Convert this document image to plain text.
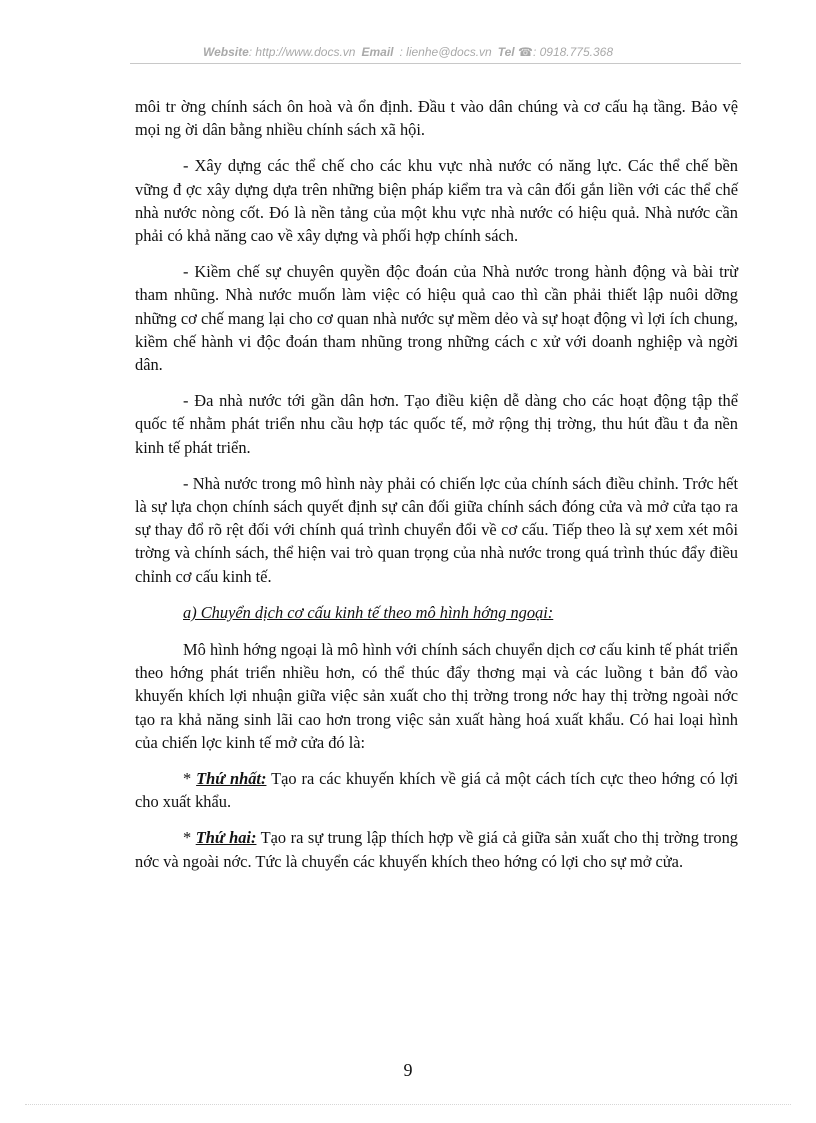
Website: http://www.docs.vn Email : lienhe@docs.vn Tel ☎: 0918.775.368

môi tr ờng chính sách ôn hoà và ổn định. Đầu t vào dân chúng và cơ cấu hạ tầng. Bảo vệ mọi ng ời dân bằng nhiều chính sách xã hội.

- Xây dựng các thể chế cho các khu vực nhà nước có năng lực. Các thể chế bền vững đ ợc xây dựng dựa trên những biện pháp kiểm tra và cân đối gắn liền với các thể chế nhà nước nòng cốt. Đó là nền tảng của một khu vực nhà nước có hiệu quả. Nhà nước cần phải có khả năng cao về xây dựng và phối hợp chính sách.

- Kiềm chế sự chuyên quyền độc đoán của Nhà nước trong hành động và bài trừ tham nhũng. Nhà nước muốn làm việc có hiệu quả cao thì cần phải thiết lập nuôi dỡng những cơ chế mang lại cho cơ quan nhà nước sự mềm dẻo và sự hoạt động vì lợi ích chung, kiềm chế hành vi độc đoán tham nhũng trong những cách c xử với doanh nghiệp và ngời dân.

- Đa nhà nước tới gần dân hơn. Tạo điều kiện dễ dàng cho các hoạt động tập thể quốc tế nhằm phát triển nhu cầu hợp tác quốc tế, mở rộng thị trờng, thu hút đầu t đa nền kinh tế phát triển.

- Nhà nước trong mô hình này phải có chiến lợc của chính sách điều chỉnh. Trớc hết là sự lựa chọn chính sách quyết định sự cân đối giữa chính sách đóng cửa và mở cửa tạo ra sự thay đổ rõ rệt đối với chính quá trình chuyển đổi về cơ cấu. Tiếp theo là sự xem xét môi trờng và chính sách, thể hiện vai trò quan trọng của nhà nước trong quá trình thúc đẩy điều chỉnh cơ cấu kinh tế.

a) Chuyển dịch cơ cấu kinh tế theo mô hình hớng ngoại:

Mô hình hớng ngoại là mô hình với chính sách chuyển dịch cơ cấu kinh tế phát triển theo hớng phát triển nhiều hơn, có thể thúc đẩy thơng mại và các luồng t bản đổ vào khuyến khích lợi nhuận giữa việc sản xuất cho thị trờng trong nớc hay thị trờng ngoài nớc tạo ra khả năng sinh lãi cao hơn trong việc sản xuất hàng hoá xuất khẩu. Có hai loại hình của chiến lợc kinh tế mở cửa đó là:

* Thứ nhất: Tạo ra các khuyến khích về giá cả một cách tích cực theo hớng có lợi cho xuất khẩu.

* Thứ hai: Tạo ra sự trung lập thích hợp về giá cả giữa sản xuất cho thị trờng trong nớc và ngoài nớc. Tức là chuyển các khuyến khích theo hớng có lợi cho sự mở cửa.

9
